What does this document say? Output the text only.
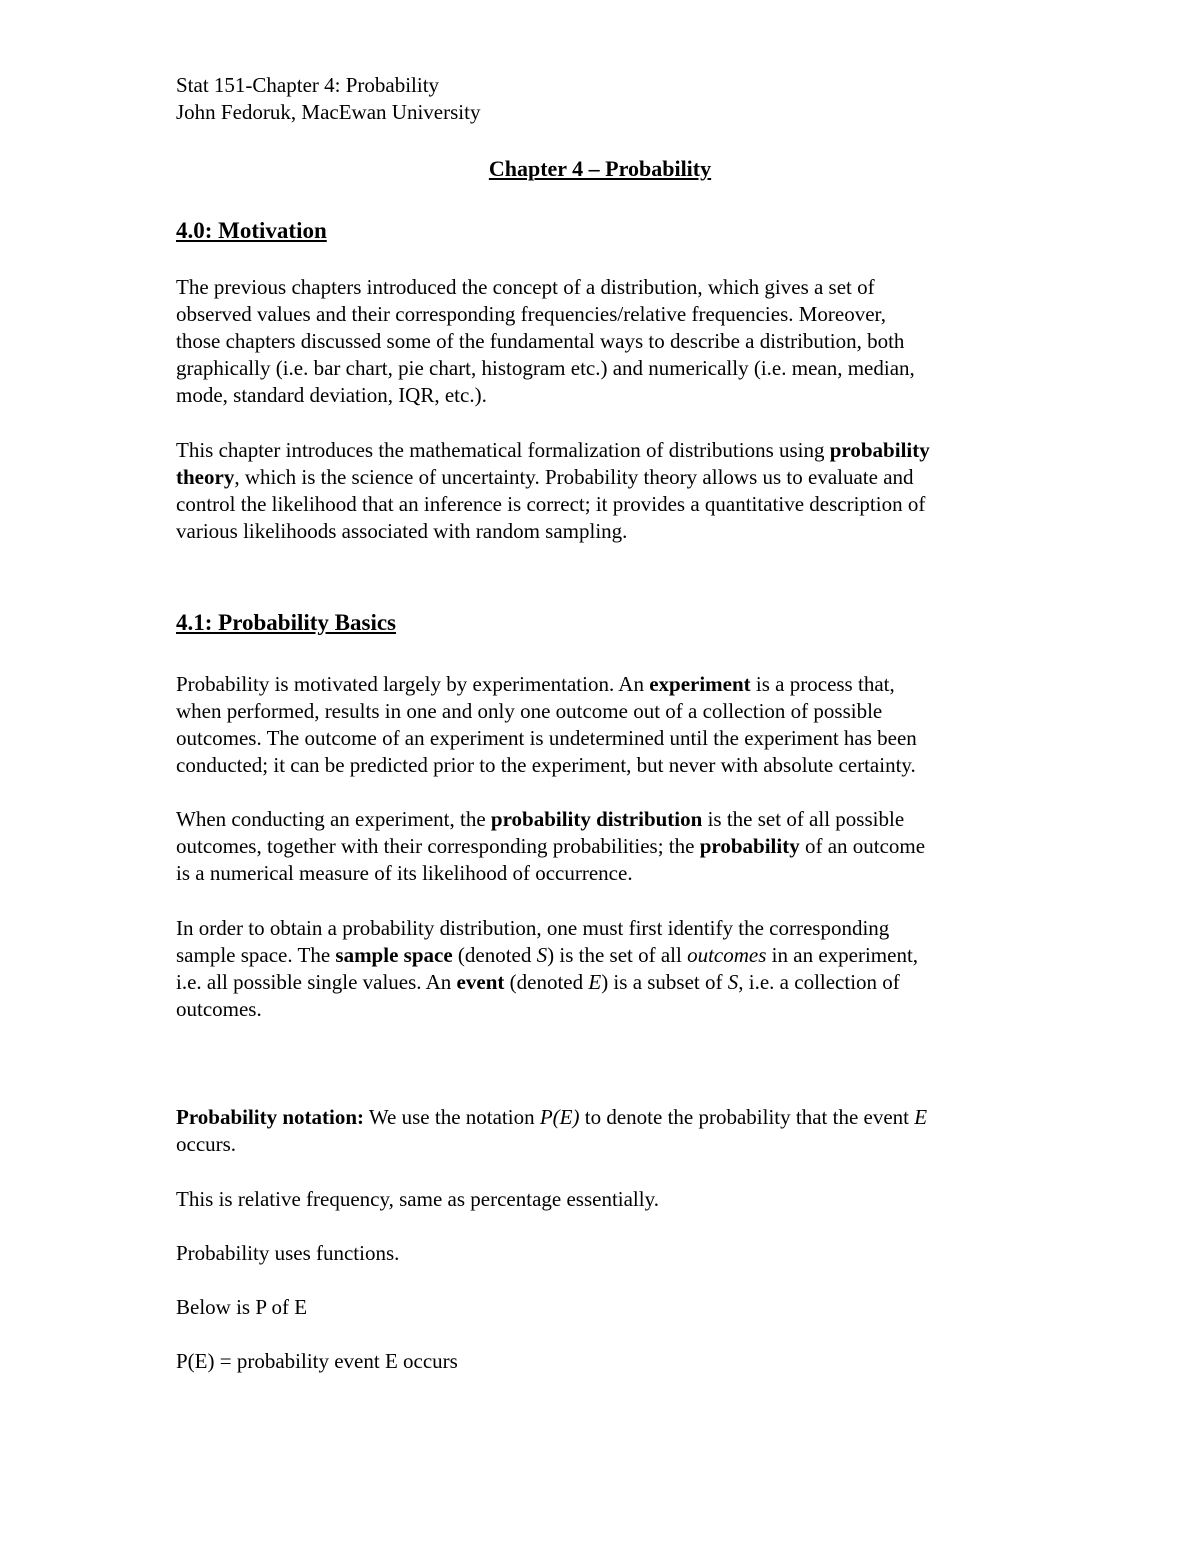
Stat 151-Chapter 4: Probability
John Fedoruk, MacEwan University
Chapter 4 – Probability
4.0: Motivation
The previous chapters introduced the concept of a distribution, which gives a set of
observed values and their corresponding frequencies/relative frequencies. Moreover,
those chapters discussed some of the fundamental ways to describe a distribution, both
graphically (i.e. bar chart, pie chart, histogram etc.) and numerically (i.e. mean, median,
mode, standard deviation, IQR, etc.).
This chapter introduces the mathematical formalization of distributions using probability
theory, which is the science of uncertainty. Probability theory allows us to evaluate and
control the likelihood that an inference is correct; it provides a quantitative description of
various likelihoods associated with random sampling.
4.1: Probability Basics
Probability is motivated largely by experimentation. An experiment is a process that,
when performed, results in one and only one outcome out of a collection of possible
outcomes. The outcome of an experiment is undetermined until the experiment has been
conducted; it can be predicted prior to the experiment, but never with absolute certainty.
When conducting an experiment, the probability distribution is the set of all possible
outcomes, together with their corresponding probabilities; the probability of an outcome
is a numerical measure of its likelihood of occurrence.
In order to obtain a probability distribution, one must first identify the corresponding
sample space. The sample space (denoted S) is the set of all outcomes in an experiment,
i.e. all possible single values. An event (denoted E) is a subset of S, i.e. a collection of
outcomes.
Probability notation: We use the notation P(E) to denote the probability that the event E
occurs.
This is relative frequency, same as percentage essentially.
Probability uses functions.
Below is P of E
P(E) = probability event E occurs
